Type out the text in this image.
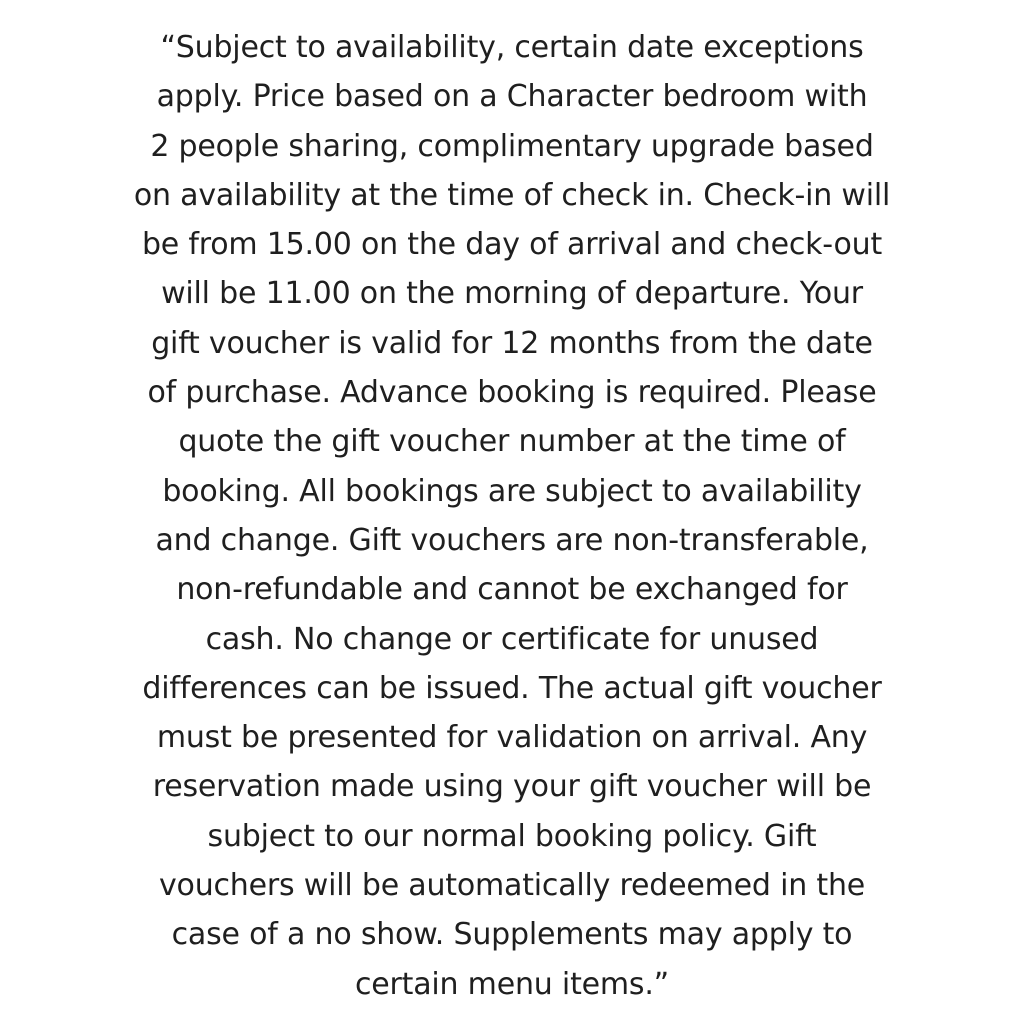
“Subject to availability, certain date exceptions
apply. Price based on a Character bedroom with
2 people sharing, complimentary upgrade based
on availability at the time of check in. Check-in will
be from 15.00 on the day of arrival and check-out
will be 11.00 on the morning of departure. Your
gift voucher is valid for 12 months from the date
of purchase. Advance booking is required. Please
quote the gift voucher number at the time of
booking. All bookings are subject to availability
and change. Gift vouchers are non-transferable,
non-refundable and cannot be exchanged for
cash. No change or certificate for unused
differences can be issued. The actual gift voucher
must be presented for validation on arrival. Any
reservation made using your gift voucher will be
subject to our normal booking policy. Gift
vouchers will be automatically redeemed in the
case of a no show. Supplements may apply to
certain menu items.”
